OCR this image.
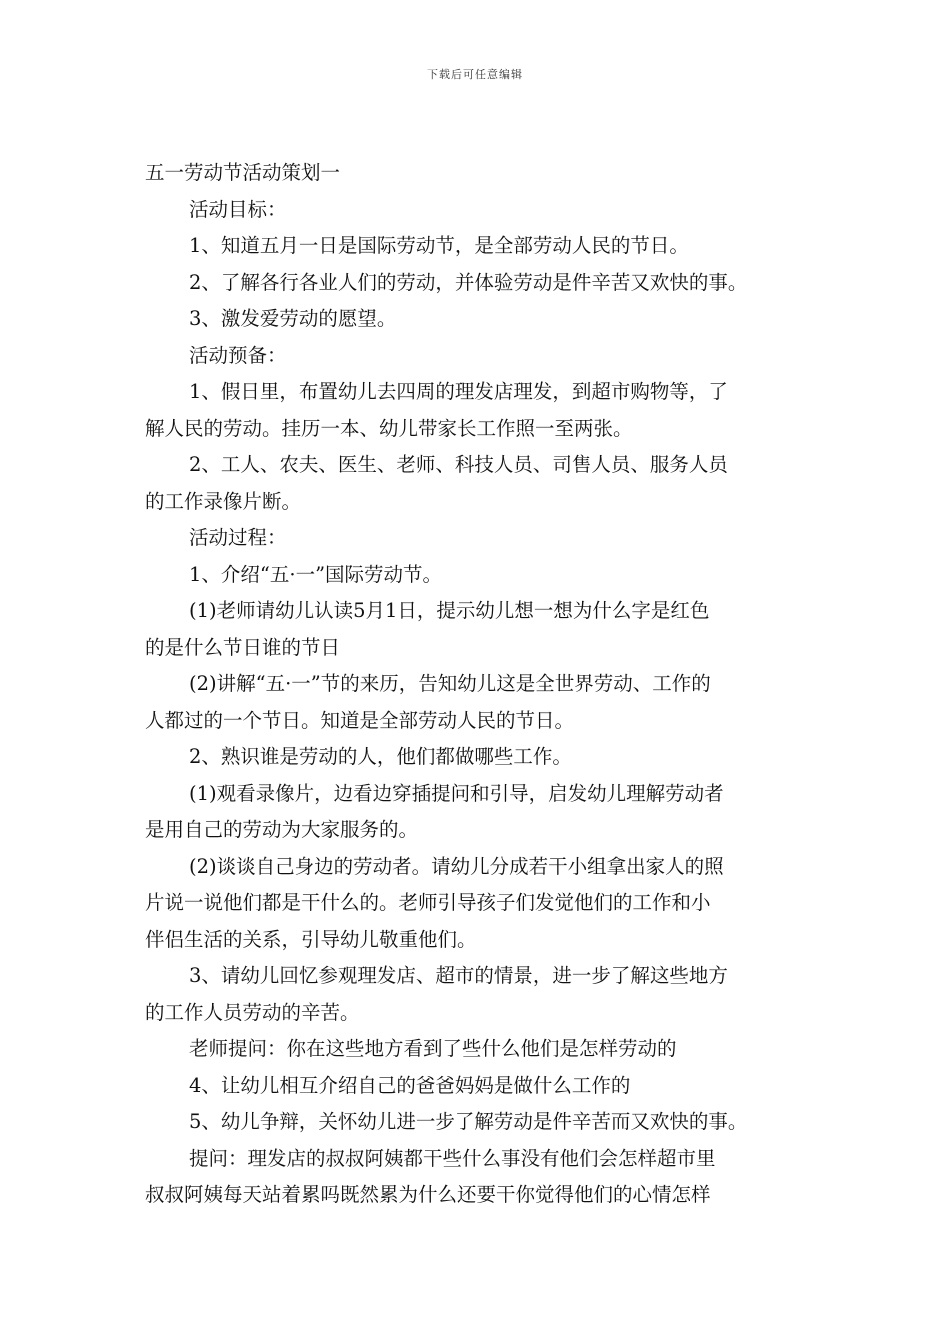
下载后可任意编辑
五一劳动节活动策划一
活动目标：
1、知道五月一日是国际劳动节，是全部劳动人民的节日。
2、了解各行各业人们的劳动，并体验劳动是件辛苦又欢快的事。
3、激发爱劳动的愿望。
活动预备：
1、假日里，布置幼儿去四周的理发店理发，到超市购物等，了
解人民的劳动。挂历一本、幼儿带家长工作照一至两张。
2、工人、农夫、医生、老师、科技人员、司售人员、服务人员
的工作录像片断。
活动过程：
1、介绍“五·一”国际劳动节。
(1)老师请幼儿认读5月1日，提示幼儿想一想为什么字是红色
的是什么节日谁的节日
(2)讲解“五·一”节的来历，告知幼儿这是全世界劳动、工作的
人都过的一个节日。知道是全部劳动人民的节日。
2、熟识谁是劳动的人，他们都做哪些工作。
(1)观看录像片，边看边穿插提问和引导，启发幼儿理解劳动者
是用自己的劳动为大家服务的。
(2)谈谈自己身边的劳动者。请幼儿分成若干小组拿出家人的照
片说一说他们都是干什么的。老师引导孩子们发觉他们的工作和小
伴侣生活的关系，引导幼儿敬重他们。
3、请幼儿回忆参观理发店、超市的情景，进一步了解这些地方
的工作人员劳动的辛苦。
老师提问：你在这些地方看到了些什么他们是怎样劳动的
4、让幼儿相互介绍自己的爸爸妈妈是做什么工作的
5、幼儿争辩，关怀幼儿进一步了解劳动是件辛苦而又欢快的事。
提问：理发店的叔叔阿姨都干些什么事没有他们会怎样超市里
叔叔阿姨每天站着累吗既然累为什么还要干你觉得他们的心情怎样
